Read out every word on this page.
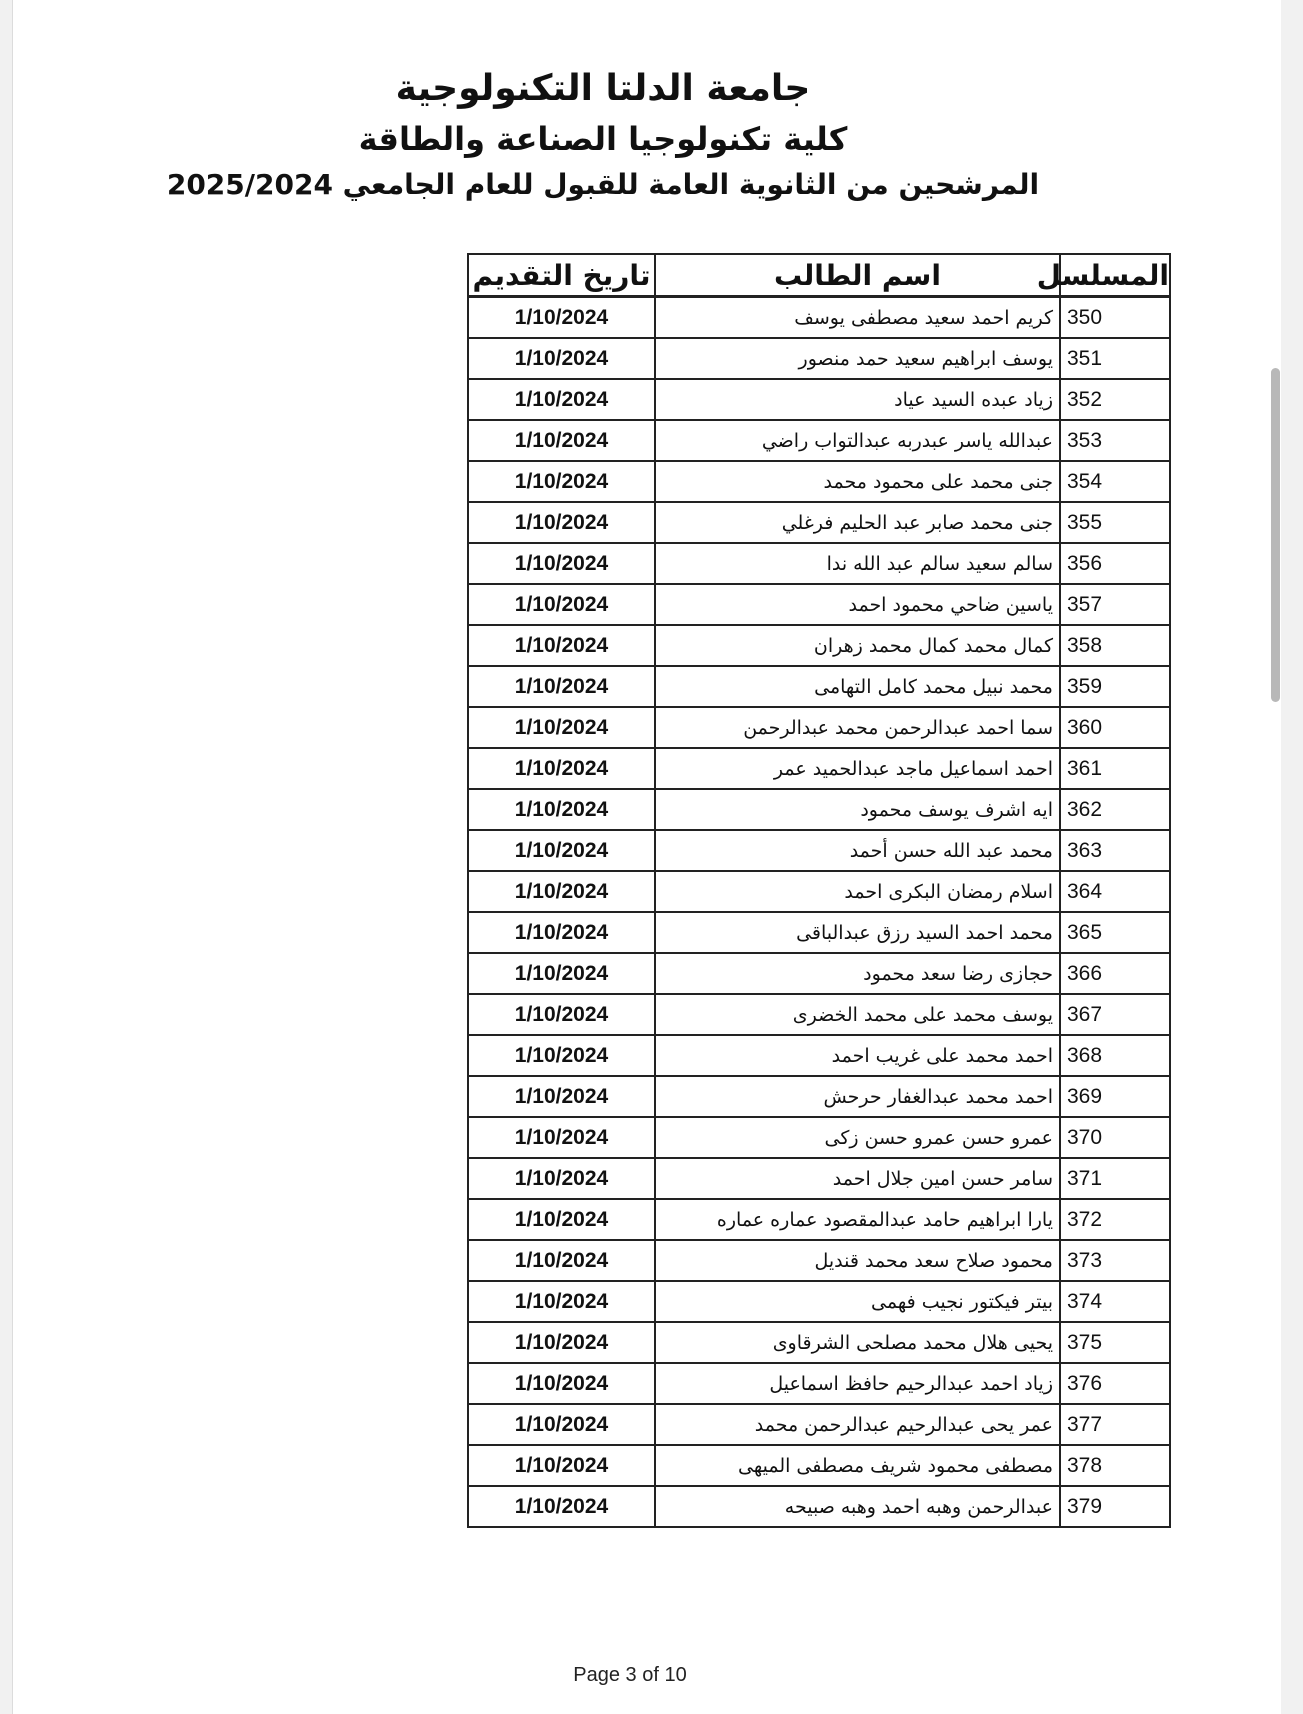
جامعة الدلتا التكنولوجية
كلية تكنولوجيا الصناعة والطاقة
المرشحين من الثانوية العامة للقبول للعام الجامعي 2025/2024
المسلسل	اسم الطالب	تاريخ التقديم
350	كريم احمد سعيد مصطفى يوسف	1/10/2024
351	يوسف ابراهيم سعيد حمد منصور	1/10/2024
352	زياد عبده السيد عياد	1/10/2024
353	عبدالله ياسر عبدربه عبدالتواب راضي	1/10/2024
354	جنى محمد على محمود محمد	1/10/2024
355	جنى محمد صابر عبد الحليم فرغلي	1/10/2024
356	سالم سعيد سالم عبد الله ندا	1/10/2024
357	ياسين ضاحي محمود احمد	1/10/2024
358	كمال محمد كمال محمد زهران	1/10/2024
359	محمد نبيل محمد كامل التهامى	1/10/2024
360	سما احمد عبدالرحمن محمد عبدالرحمن	1/10/2024
361	احمد اسماعيل ماجد عبدالحميد عمر	1/10/2024
362	ايه اشرف يوسف محمود	1/10/2024
363	محمد عبد الله حسن أحمد	1/10/2024
364	اسلام رمضان البكرى احمد	1/10/2024
365	محمد احمد السيد رزق عبدالباقى	1/10/2024
366	حجازى رضا سعد محمود	1/10/2024
367	يوسف محمد على محمد الخضرى	1/10/2024
368	احمد محمد على غريب احمد	1/10/2024
369	احمد محمد عبدالغفار حرحش	1/10/2024
370	عمرو حسن عمرو حسن زكى	1/10/2024
371	سامر حسن امين جلال احمد	1/10/2024
372	يارا ابراهيم حامد عبدالمقصود عماره عماره	1/10/2024
373	محمود صلاح سعد محمد قنديل	1/10/2024
374	بيتر فيكتور نجيب فهمى	1/10/2024
375	يحيى هلال محمد مصلحى الشرقاوى	1/10/2024
376	زياد احمد عبدالرحيم حافظ اسماعيل	1/10/2024
377	عمر يحى عبدالرحيم عبدالرحمن محمد	1/10/2024
378	مصطفى محمود شريف مصطفى الميهى	1/10/2024
379	عبدالرحمن وهبه احمد وهبه صبيحه	1/10/2024
Page 3 of 10
